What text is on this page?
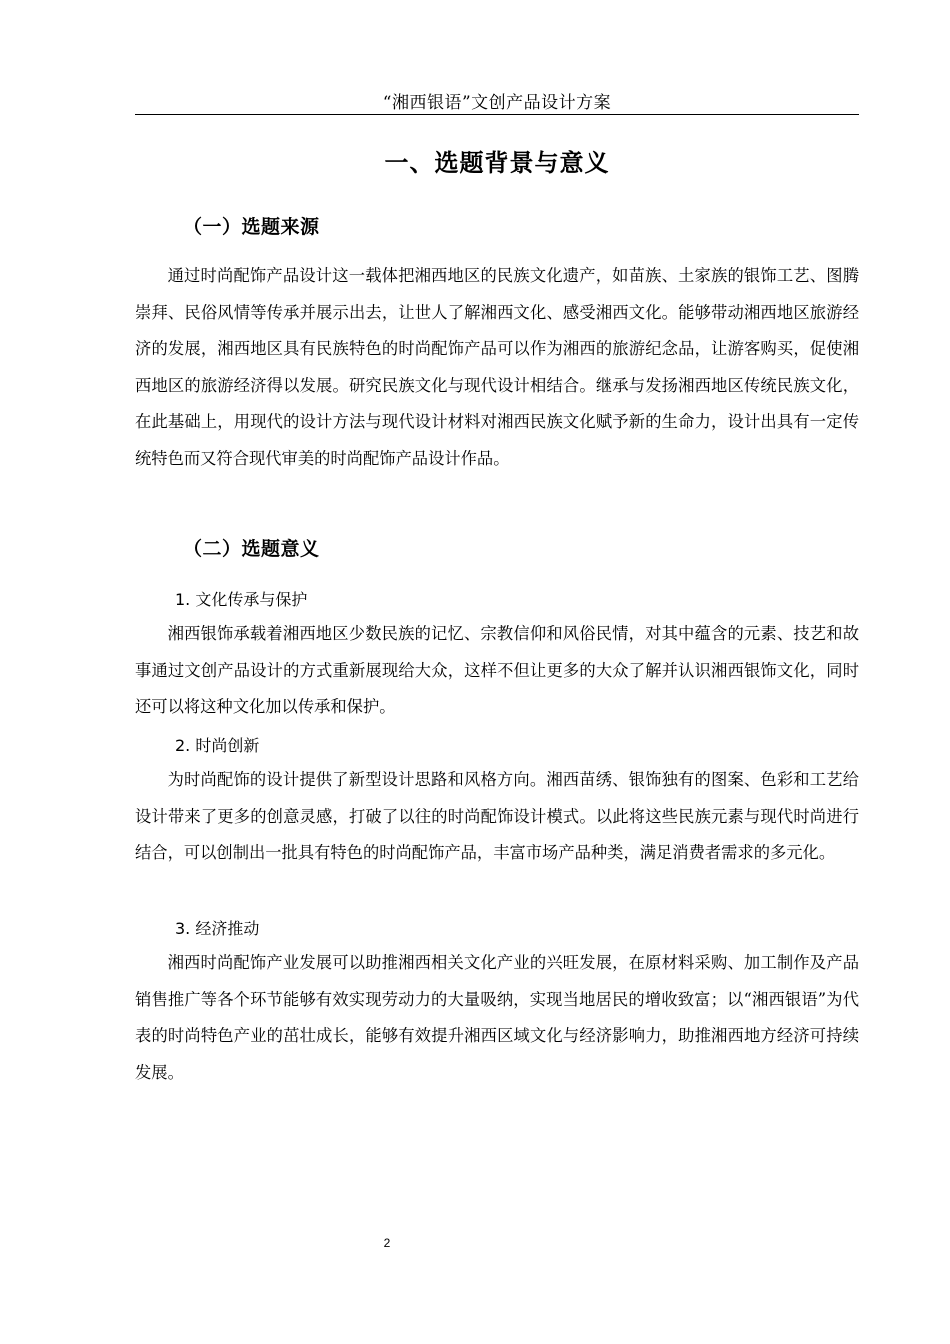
“湘西银语”文创产品设计方案
一、选题背景与意义
（一）选题来源

通过时尚配饰产品设计这一载体把湘西地区的民族文化遗产，如苗族、土家族的银饰工艺、图腾崇拜、民俗风情等传承并展示出去，让世人了解湘西文化、感受湘西文化。能够带动湘西地区旅游经济的发展，湘西地区具有民族特色的时尚配饰产品可以作为湘西的旅游纪念品，让游客购买，促使湘西地区的旅游经济得以发展。研究民族文化与现代设计相结合。继承与发扬湘西地区传统民族文化，在此基础上，用现代的设计方法与现代设计材料对湘西民族文化赋予新的生命力，设计出具有一定传统特色而又符合现代审美的时尚配饰产品设计作品。

（二）选题意义
1. 文化传承与保护

湘西银饰承载着湘西地区少数民族的记忆、宗教信仰和风俗民情，对其中蕴含的元素、技艺和故事通过文创产品设计的方式重新展现给大众，这样不但让更多的大众了解并认识湘西银饰文化，同时还可以将这种文化加以传承和保护。

2. 时尚创新

为时尚配饰的设计提供了新型设计思路和风格方向。湘西苗绣、银饰独有的图案、色彩和工艺给设计带来了更多的创意灵感，打破了以往的时尚配饰设计模式。以此将这些民族元素与现代时尚进行结合，可以创制出一批具有特色的时尚配饰产品，丰富市场产品种类，满足消费者需求的多元化。

3. 经济推动

湘西时尚配饰产业发展可以助推湘西相关文化产业的兴旺发展，在原材料采购、加工制作及产品销售推广等各个环节能够有效实现劳动力的大量吸纳，实现当地居民的增收致富；以“湘西银语”为代表的时尚特色产业的茁壮成长，能够有效提升湘西区域文化与经济影响力，助推湘西地方经济可持续发展。

2
